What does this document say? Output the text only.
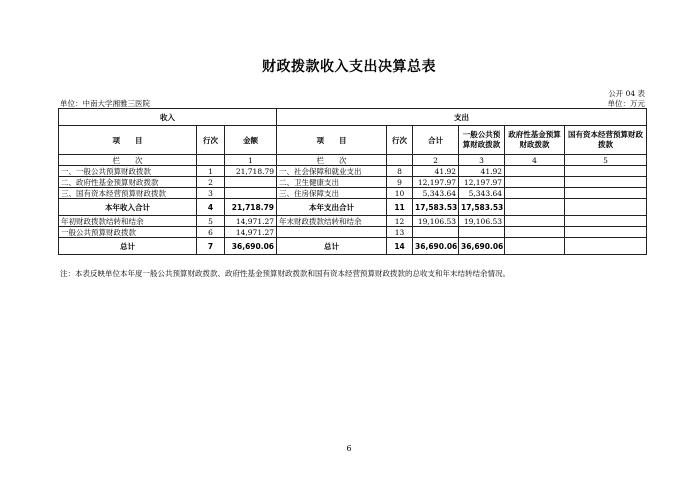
财政拨款收入支出决算总表
公开 04 表
单位：中南大学湘雅三医院	单位：万元
收入			支出					
项　　目	行次	金额	项　　目	行次	合计	一般公共预算财政拨款	政府性基金预算财政拨款	国有资本经营预算财政拨款
栏　　次		1	栏　　次		2	3	4	5
一、一般公共预算财政拨款	1	21,718.79	一、社会保障和就业支出	8	41.92	41.92		
二、政府性基金预算财政拨款	2		二、卫生健康支出	9	12,197.97	12,197.97		
三、国有资本经营预算财政拨款	3		三、住房保障支出	10	5,343.64	5,343.64		
本年收入合计	4	21,718.79	本年支出合计	11	17,583.53	17,583.53		
年初财政拨款结转和结余	5	14,971.27	年末财政拨款结转和结余	12	19,106.53	19,106.53		
一般公共预算财政拨款	6	14,971.27		13				
总计	7	36,690.06	总计	14	36,690.06	36,690.06		
注：本表反映单位本年度一般公共预算财政拨款、政府性基金预算财政拨款和国有资本经营预算财政拨款的总收支和年末结转结余情况。
6
